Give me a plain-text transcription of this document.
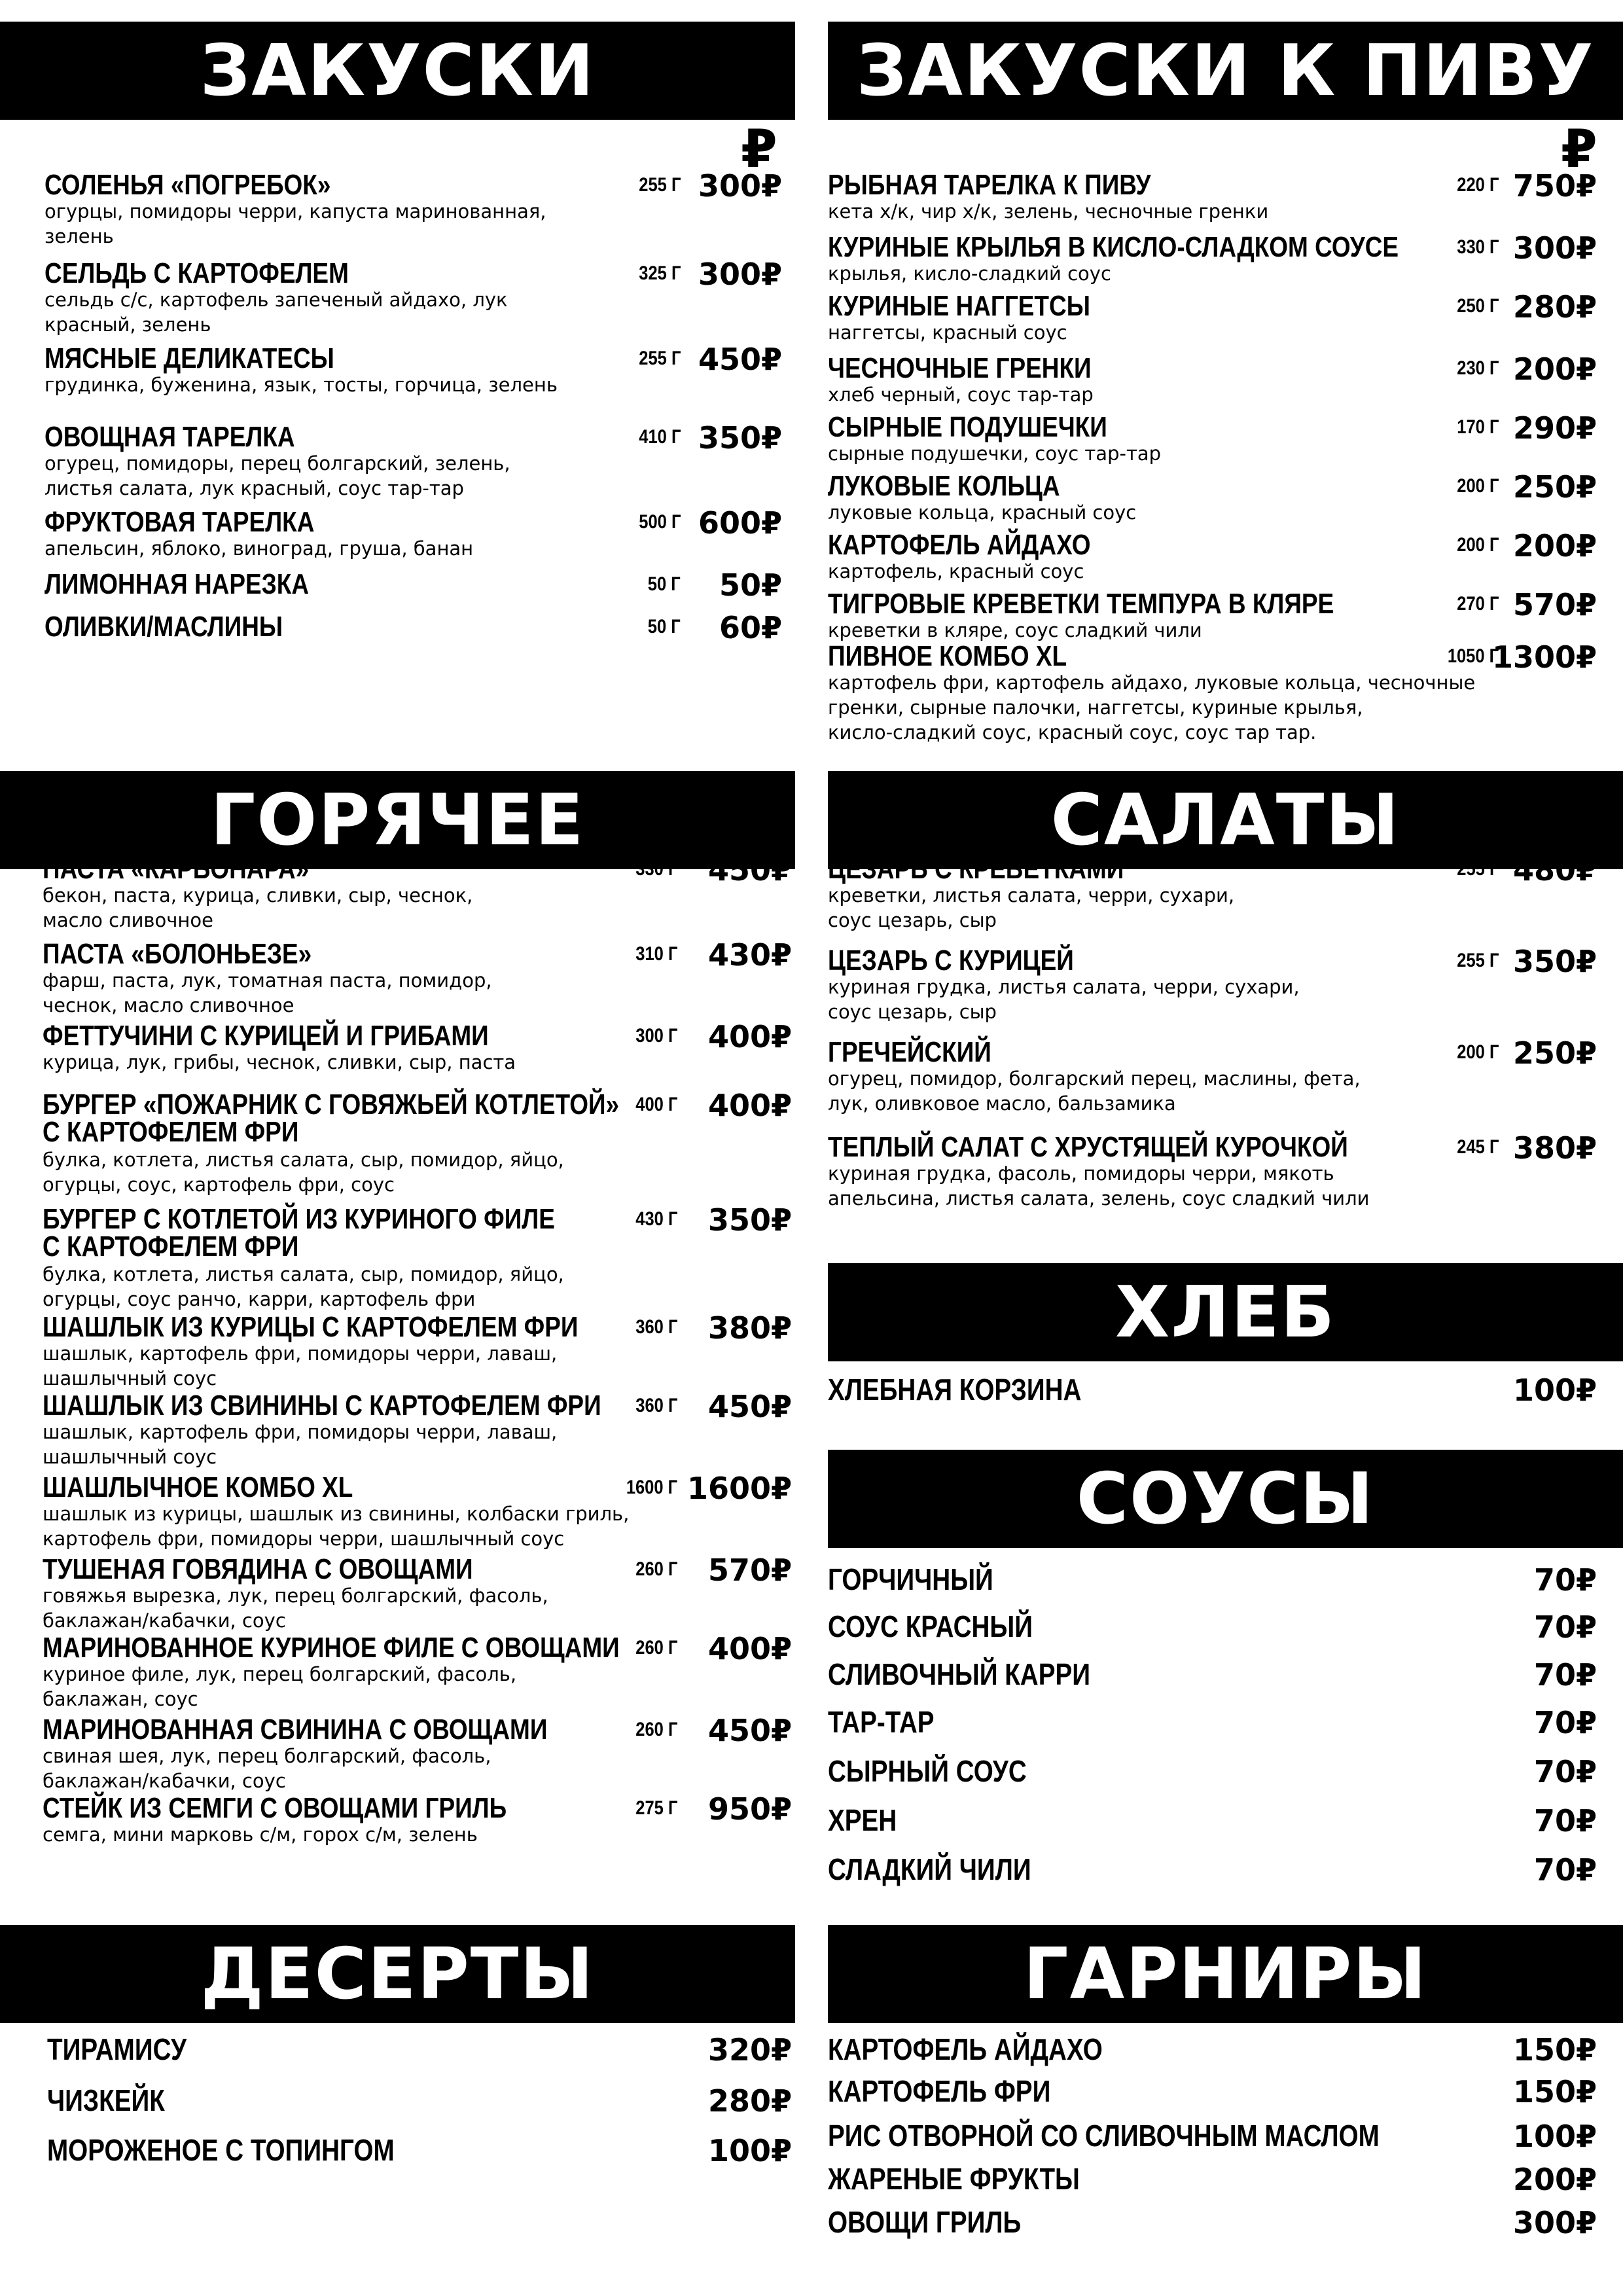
ЗАКУСКИ
₽
СОЛЕНЬЯ «ПОГРЕБОК»
огурцы, помидоры черри, капуста маринованная,
зелень
255 Г 300₽
СЕЛЬДЬ С КАРТОФЕЛЕМ
сельдь с/с, картофель запеченый айдахо, лук
красный, зелень
325 Г 300₽
МЯСНЫЕ ДЕЛИКАТЕСЫ
грудинка, буженина, язык, тосты, горчица, зелень
255 Г 450₽
ОВОЩНАЯ ТАРЕЛКА
огурец, помидоры, перец болгарский, зелень,
листья салата, лук красный, соус тар-тар
410 Г 350₽
ФРУКТОВАЯ ТАРЕЛКА
апельсин, яблоко, виноград, груша, банан
500 Г 600₽
ЛИМОННАЯ НАРЕЗКА	50 Г 50₽
ОЛИВКИ/МАСЛИНЫ	50 Г 60₽
ЗАКУСКИ К ПИВУ
₽
РЫБНАЯ ТАРЕЛКА К ПИВУ
кета х/к, чир х/к, зелень, чесночные гренки
220 Г 750₽
КУРИНЫЕ КРЫЛЬЯ В КИСЛО-СЛАДКОМ СОУСЕ
крылья, кисло-сладкий соус
330 Г 300₽
КУРИНЫЕ НАГГЕТСЫ
наггетсы, красный соус
250 Г 280₽
ЧЕСНОЧНЫЕ ГРЕНКИ
хлеб черный, соус тар-тар
230 Г 200₽
СЫРНЫЕ ПОДУШЕЧКИ
сырные подушечки, соус тар-тар
170 Г 290₽
ЛУКОВЫЕ КОЛЬЦА
луковые кольца, красный соус
200 Г 250₽
КАРТОФЕЛЬ АЙДАХО
картофель, красный соус
200 Г 200₽
ТИГРОВЫЕ КРЕВЕТКИ ТЕМПУРА В КЛЯРЕ
креветки в кляре, соус сладкий чили
270 Г 570₽
ПИВНОЕ КОМБО XL
картофель фри, картофель айдахо, луковые кольца, чесночные
гренки, сырные палочки, наггетсы, куриные крылья,
кисло-сладкий соус, красный соус, соус тар тар.
1050 Г
1300₽
ГОРЯЧЕЕ
ПАСТА «КАРБОНАРА»
бекон, паста, курица, сливки, сыр, чеснок,
масло сливочное
330 Г 450₽
ПАСТА «БОЛОНЬЕЗЕ»
фарш, паста, лук, томатная паста, помидор,
чеснок, масло сливочное
310 Г 430₽
ФЕТТУЧИНИ С КУРИЦЕЙ И ГРИБАМИ
курица, лук, грибы, чеснок, сливки, сыр, паста
300 Г 400₽
БУРГЕР «ПОЖАРНИК С ГОВЯЖЬЕЙ КОТЛЕТОЙ»
С КАРТОФЕЛЕМ ФРИ
булка, котлета, листья салата, сыр, помидор, яйцо,
огурцы, соус, картофель фри, соус
400 Г 400₽
БУРГЕР С КОТЛЕТОЙ ИЗ КУРИНОГО ФИЛЕ
С КАРТОФЕЛЕМ ФРИ
булка, котлета, листья салата, сыр, помидор, яйцо,
огурцы, соус ранчо, карри, картофель фри
430 Г 350₽
ШАШЛЫК ИЗ КУРИЦЫ С КАРТОФЕЛЕМ ФРИ
шашлык, картофель фри, помидоры черри, лаваш,
шашлычный соус
360 Г 380₽
ШАШЛЫК ИЗ СВИНИНЫ С КАРТОФЕЛЕМ ФРИ
шашлык, картофель фри, помидоры черри, лаваш,
шашлычный соус
360 Г 450₽
ШАШЛЫЧНОЕ КОМБО XL
шашлык из курицы, шашлык из свинины, колбаски гриль,
картофель фри, помидоры черри, шашлычный соус
1600 Г 1600₽
ТУШЕНАЯ ГОВЯДИНА С ОВОЩАМИ
говяжья вырезка, лук, перец болгарский, фасоль,
баклажан/кабачки, соус
260 Г 570₽
МАРИНОВАННОЕ КУРИНОЕ ФИЛЕ С ОВОЩАМИ
куриное филе, лук, перец болгарский, фасоль,
баклажан, соус
260 Г 400₽
МАРИНОВАННАЯ СВИНИНА С ОВОЩАМИ
свиная шея, лук, перец болгарский, фасоль,
баклажан/кабачки, соус
260 Г 450₽
СТЕЙК ИЗ СЕМГИ С ОВОЩАМИ ГРИЛЬ
семга, мини марковь с/м, горох с/м, зелень
275 Г 950₽
САЛАТЫ
ЦЕЗАРЬ С КРЕВЕТКАМИ
креветки, листья салата, черри, сухари,
соус цезарь, сыр
255 Г 480₽
ЦЕЗАРЬ С КУРИЦЕЙ
куриная грудка, листья салата, черри, сухари,
соус цезарь, сыр
255 Г 350₽
ГРЕЧЕЙСКИЙ
огурец, помидор, болгарский перец, маслины, фета,
лук, оливковое масло, бальзамика
200 Г 250₽
ТЕПЛЫЙ САЛАТ С ХРУСТЯЩЕЙ КУРОЧКОЙ
куриная грудка, фасоль, помидоры черри, мякоть
апельсина, листья салата, зелень, соус сладкий чили
245 Г 380₽
ХЛЕБ
ХЛЕБНАЯ КОРЗИНА	100₽
СОУСЫ
ГОРЧИЧНЫЙ	70₽
СОУС КРАСНЫЙ	70₽
СЛИВОЧНЫЙ КАРРИ	70₽
ТАР-ТАР	70₽
СЫРНЫЙ СОУС	70₽
ХРЕН	70₽
СЛАДКИЙ ЧИЛИ	70₽
ДЕСЕРТЫ
ТИРАМИСУ	320₽
ЧИЗКЕЙК	280₽
МОРОЖЕНОЕ С ТОПИНГОМ	100₽
ГАРНИРЫ
КАРТОФЕЛЬ АЙДАХО	150₽
КАРТОФЕЛЬ ФРИ	150₽
РИС ОТВОРНОЙ СО СЛИВОЧНЫМ МАСЛОМ	100₽
ЖАРЕНЫЕ ФРУКТЫ	200₽
ОВОЩИ ГРИЛЬ	300₽
